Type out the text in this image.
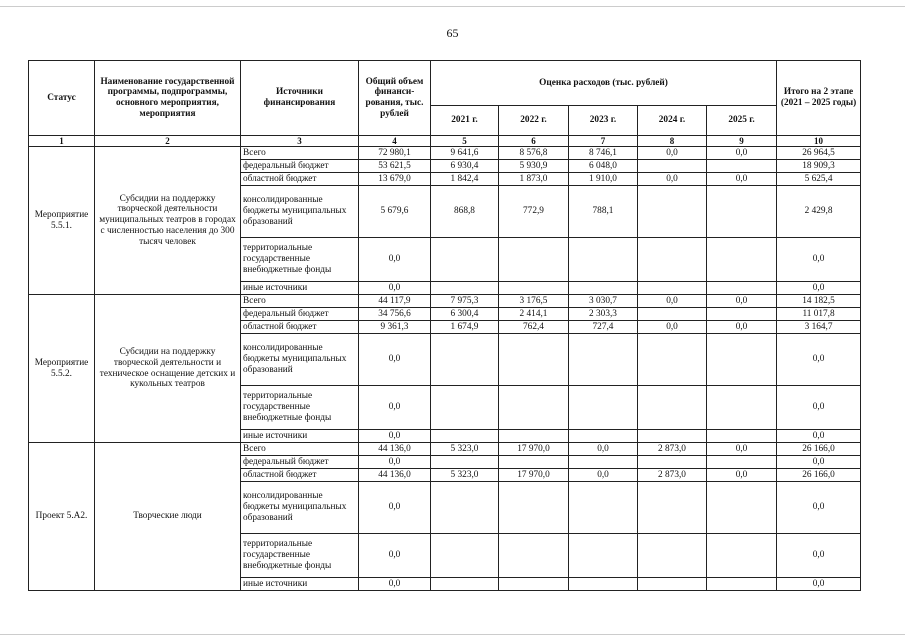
65
Статус	Наименование государственной программы, подпрограммы, основного мероприятия, мероприятия	Источники финансирования	Общий объем финанси-рования, тыс. рублей	Оценка расходов (тыс. рублей)					Итого на 2 этапе (2021 – 2025 годы)
				2021 г.	2022 г.	2023 г.	2024 г.	2025 г.	
1	2	3	4	5	6	7	8	9	10
Мероприятие 5.5.1.	Субсидии на поддержку творческой деятельности муниципальных театров в городах с численностью населения до 300 тысяч человек	Всего	72 980,1	9 641,6	8 576,8	8 746,1	0,0	0,0	26 964,5
		федеральный бюджет	53 621,5	6 930,4	5 930,9	6 048,0			18 909,3
		областной бюджет	13 679,0	1 842,4	1 873,0	1 910,0	0,0	0,0	5 625,4
		консолидированные бюджеты муниципальных образований	5 679,6	868,8	772,9	788,1			2 429,8
		территориальные государственные внебюджетные фонды	0,0						0,0
		иные источники	0,0						0,0
Мероприятие 5.5.2.	Субсидии на поддержку творческой деятельности и техническое оснащение детских и кукольных театров	Всего	44 117,9	7 975,3	3 176,5	3 030,7	0,0	0,0	14 182,5
		федеральный бюджет	34 756,6	6 300,4	2 414,1	2 303,3			11 017,8
		областной бюджет	9 361,3	1 674,9	762,4	727,4	0,0	0,0	3 164,7
		консолидированные бюджеты муниципальных образований	0,0						0,0
		территориальные государственные внебюджетные фонды	0,0						0,0
		иные источники	0,0						0,0
Проект 5.А2.	Творческие люди	Всего	44 136,0	5 323,0	17 970,0	0,0	2 873,0	0,0	26 166,0
		федеральный бюджет	0,0						0,0
		областной бюджет	44 136,0	5 323,0	17 970,0	0,0	2 873,0	0,0	26 166,0
		консолидированные бюджеты муниципальных образований	0,0						0,0
		территориальные государственные внебюджетные фонды	0,0						0,0
		иные источники	0,0						0,0
